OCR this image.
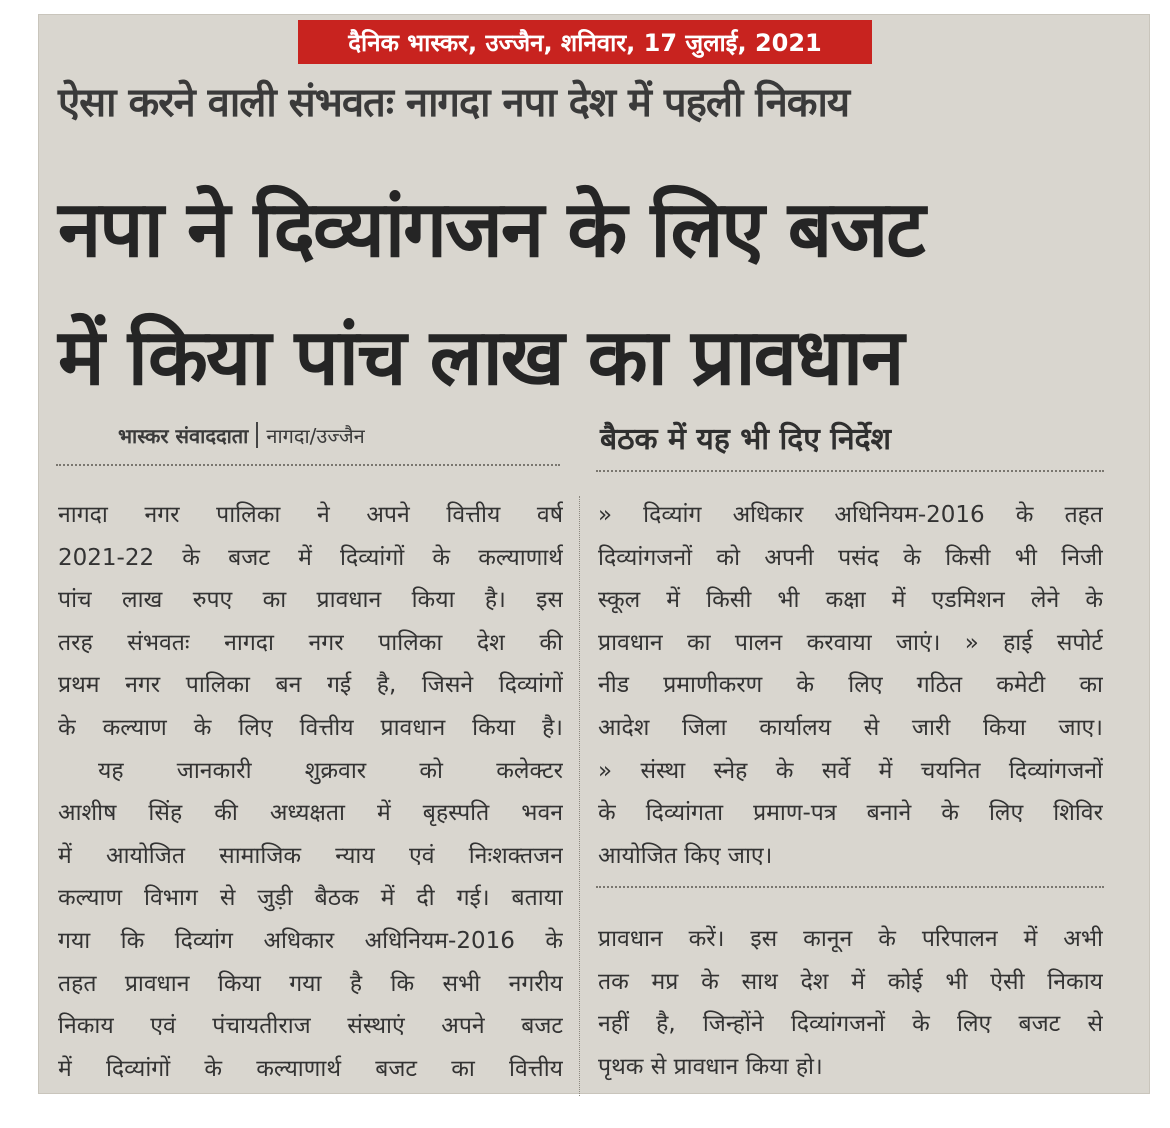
दैनिक भास्कर, उज्जैन, शनिवार, 17 जुलाई, 2021
ऐसा करने वाली संभवतः नागदा नपा देश में पहली निकाय
नपा ने दिव्यांगजन के लिए बजट
में किया पांच लाख का प्रावधान
भास्कर संवाददाता नागदा/उज्जैन	बैठक में यह भी दिए निर्देश
नागदा नगर पालिका ने अपने वित्तीय वर्ष
2021-22 के बजट में दिव्यांगों के कल्याणार्थ
पांच लाख रुपए का प्रावधान किया है। इस
तरह संभवतः नागदा नगर पालिका देश की
प्रथम नगर पालिका बन गई है, जिसने दिव्यांगों
के कल्याण के लिए वित्तीय प्रावधान किया है।
यह जानकारी शुक्रवार को कलेक्टर
आशीष सिंह की अध्यक्षता में बृहस्पति भवन
में आयोजित सामाजिक न्याय एवं निःशक्तजन
कल्याण विभाग से जुड़ी बैठक में दी गई। बताया
गया कि दिव्यांग अधिकार अधिनियम-2016 के
तहत प्रावधान किया गया है कि सभी नगरीय
निकाय एवं पंचायतीराज संस्थाएं अपने बजट
में दिव्यांगों के कल्याणार्थ बजट का वित्तीय
» दिव्यांग अधिकार अधिनियम-2016 के तहत
दिव्यांगजनों को अपनी पसंद के किसी भी निजी
स्कूल में किसी भी कक्षा में एडमिशन लेने के
प्रावधान का पालन करवाया जाएं। » हाई सपोर्ट
नीड प्रमाणीकरण के लिए गठित कमेटी का
आदेश जिला कार्यालय से जारी किया जाए।
» संस्था स्नेह के सर्वे में चयनित दिव्यांगजनों
के दिव्यांगता प्रमाण-पत्र बनाने के लिए शिविर
आयोजित किए जाए।
प्रावधान करें। इस कानून के परिपालन में अभी
तक मप्र के साथ देश में कोई भी ऐसी निकाय
नहीं है, जिन्होंने दिव्यांगजनों के लिए बजट से
पृथक से प्रावधान किया हो।
